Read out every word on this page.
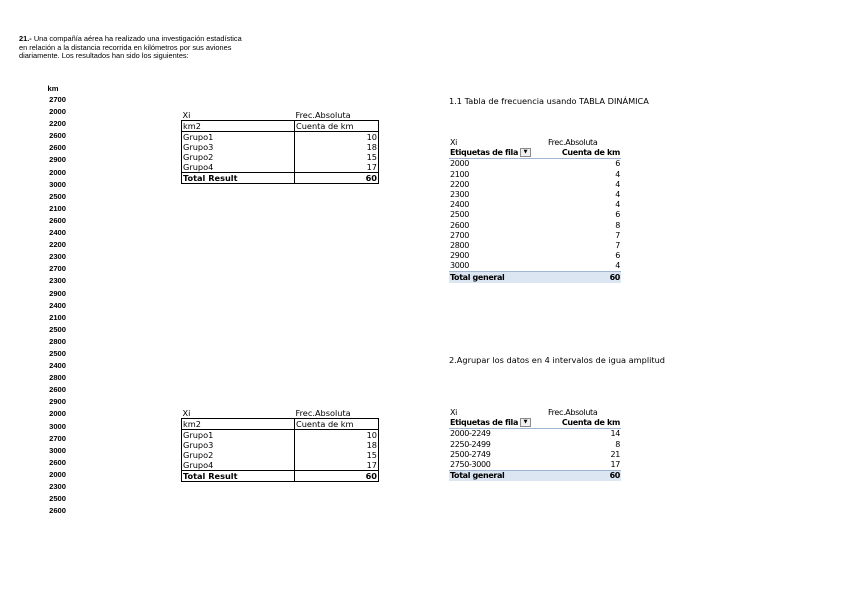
21.- Una compañía aérea ha realizado una investigación estadística
en relación a la distancia recorrida en kilómetros por sus aviones
diariamente. Los resultados han sido los siguientes:
km
2700
2000
2200
2600
2600
2900
2000
3000
2500
2100
2600
2400
2200
2300
2700
2300
2900
2400
2100
2500
2800
2500
2400
2800
2600
2900
2000
3000
2700
3000
2600
2000
2300
2500
2600
1.1 Tabla de frecuencia usando TABLA DINÁMICA
2.Agrupar los datos en 4 intervalos de igua amplitud
Xi	Frec.Absoluta
km2	Cuenta de km
Grupo1	10
Grupo3	18
Grupo2	15
Grupo4	17
Total Result	60
Xi	Frec.Absoluta
km2	Cuenta de km
Grupo1	10
Grupo3	18
Grupo2	15
Grupo4	17
Total Result	60
Xi	Frec.Absoluta
Etiquetas de fila ▼	Cuenta de km
2000	6
2100	4
2200	4
2300	4
2400	4
2500	6
2600	8
2700	7
2800	7
2900	6
3000	4
Total general	60
Xi	Frec.Absoluta
Etiquetas de fila ▼	Cuenta de km
2000-2249	14
2250-2499	8
2500-2749	21
2750-3000	17
Total general	60
